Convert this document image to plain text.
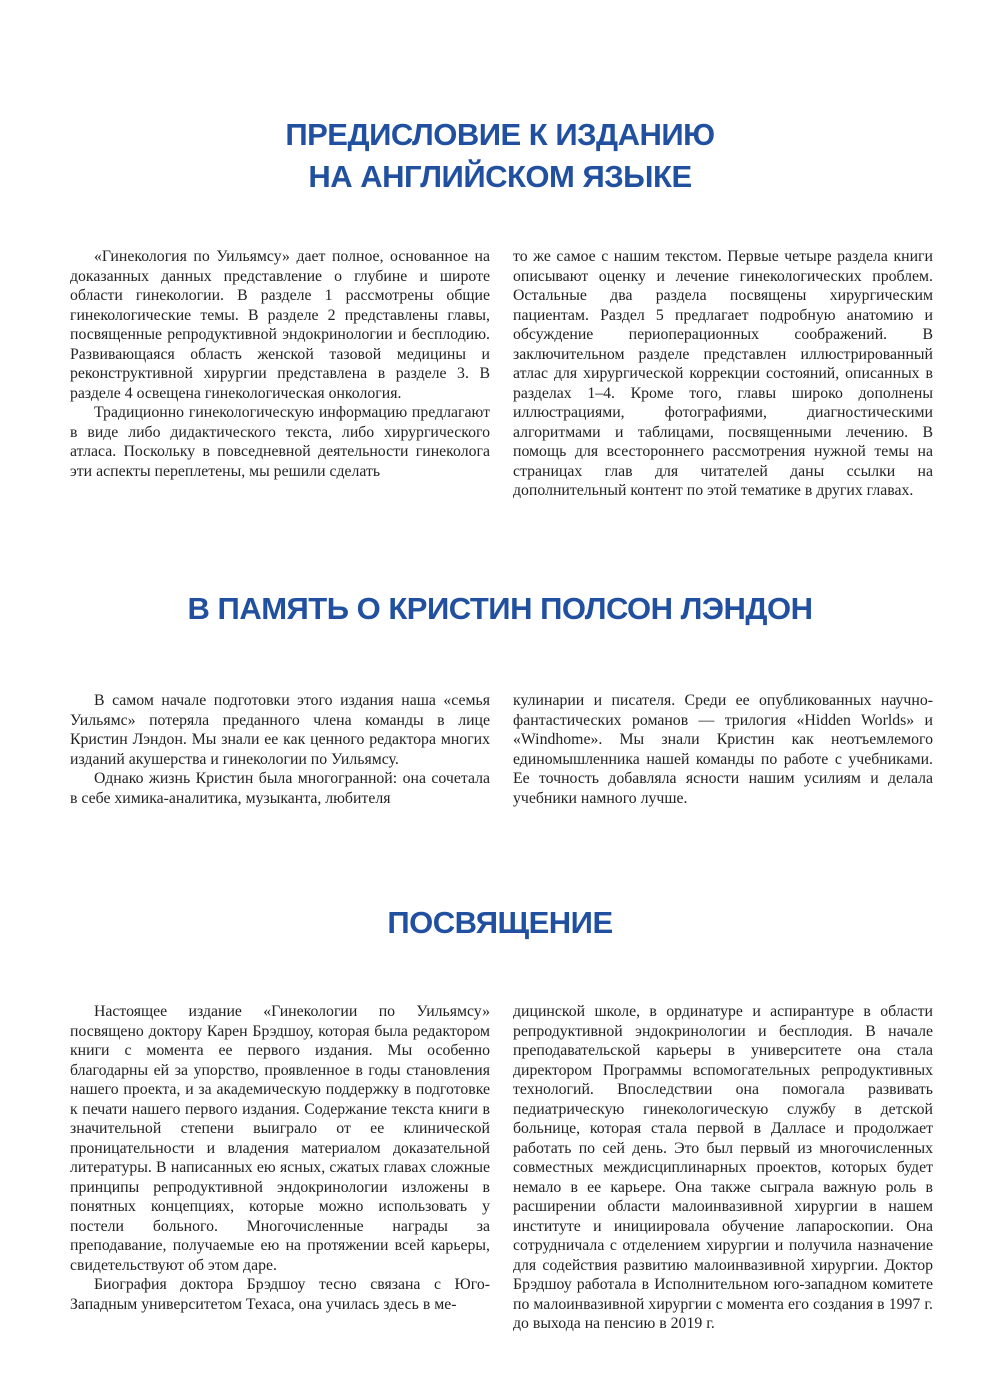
ПРЕДИСЛОВИЕ К ИЗДАНИЮ
НА АНГЛИЙСКОМ ЯЗЫКЕ

«Гинекология по Уильямсу» дает полное, основанное на доказанных данных представление о глубине и широте области гинекологии. В разделе 1 рассмотрены общие гинекологические темы. В разделе 2 представлены главы, посвященные репродуктивной эндокринологии и бесплодию. Развивающаяся область женской тазовой медицины и реконструктивной хирургии представлена в разделе 3. В разделе 4 освещена гинекологическая онкология.

Традиционно гинекологическую информацию предлагают в виде либо дидактического текста, либо хирургического атласа. Поскольку в повседневной деятельности гинеколога эти аспекты переплетены, мы решили сделать

то же самое с нашим текстом. Первые четыре раздела книги описывают оценку и лечение гинекологических проблем. Остальные два раздела посвящены хирургическим пациентам. Раздел 5 предлагает подробную анатомию и обсуждение периоперационных соображений. В заключительном разделе представлен иллюстрированный атлас для хирургической коррекции состояний, описанных в разделах 1–4. Кроме того, главы широко дополнены иллюстрациями, фотографиями, диагностическими алгоритмами и таблицами, посвященными лечению. В помощь для всестороннего рассмотрения нужной темы на страницах глав для читателей даны ссылки на дополнительный контент по этой тематике в других главах.

В ПАМЯТЬ О КРИСТИН ПОЛСОН ЛЭНДОН

В самом начале подготовки этого издания наша «семья Уильямс» потеряла преданного члена команды в лице Кристин Лэндон. Мы знали ее как ценного редактора многих изданий акушерства и гинекологии по Уильямсу.

Однако жизнь Кристин была многогранной: она сочетала в себе химика-аналитика, музыканта, любителя

кулинарии и писателя. Среди ее опубликованных научно-фантастических романов — трилогия «Hidden Worlds» и «Windhome». Мы знали Кристин как неотъемлемого единомышленника нашей команды по работе с учебниками. Ее точность добавляла ясности нашим усилиям и делала учебники намного лучше.

ПОСВЯЩЕНИЕ

Настоящее издание «Гинекологии по Уильямсу» посвящено доктору Карен Брэдшоу, которая была редактором книги с момента ее первого издания. Мы особенно благодарны ей за упорство, проявленное в годы становления нашего проекта, и за академическую поддержку в подготовке к печати нашего первого издания. Содержание текста книги в значительной степени выиграло от ее клинической проницательности и владения материалом доказательной литературы. В написанных ею ясных, сжатых главах сложные принципы репродуктивной эндокринологии изложены в понятных концепциях, которые можно использовать у постели больного. Многочисленные награды за преподавание, получаемые ею на протяжении всей карьеры, свидетельствуют об этом даре.

Биография доктора Брэдшоу тесно связана с Юго-Западным университетом Техаса, она училась здесь в ме-

дицинской школе, в ординатуре и аспирантуре в области репродуктивной эндокринологии и бесплодия. В начале преподавательской карьеры в университете она стала директором Программы вспомогательных репродуктивных технологий. Впоследствии она помогала развивать педиатрическую гинекологическую службу в детской больнице, которая стала первой в Далласе и продолжает работать по сей день. Это был первый из многочисленных совместных междисциплинарных проектов, которых будет немало в ее карьере. Она также сыграла важную роль в расширении области малоинвазивной хирургии в нашем институте и инициировала обучение лапароскопии. Она сотрудничала с отделением хирургии и получила назначение для содействия развитию малоинвазивной хирургии. Доктор Брэдшоу работала в Исполнительном юго-западном комитете по малоинвазивной хирургии с момента его создания в 1997 г. до выхода на пенсию в 2019 г.
